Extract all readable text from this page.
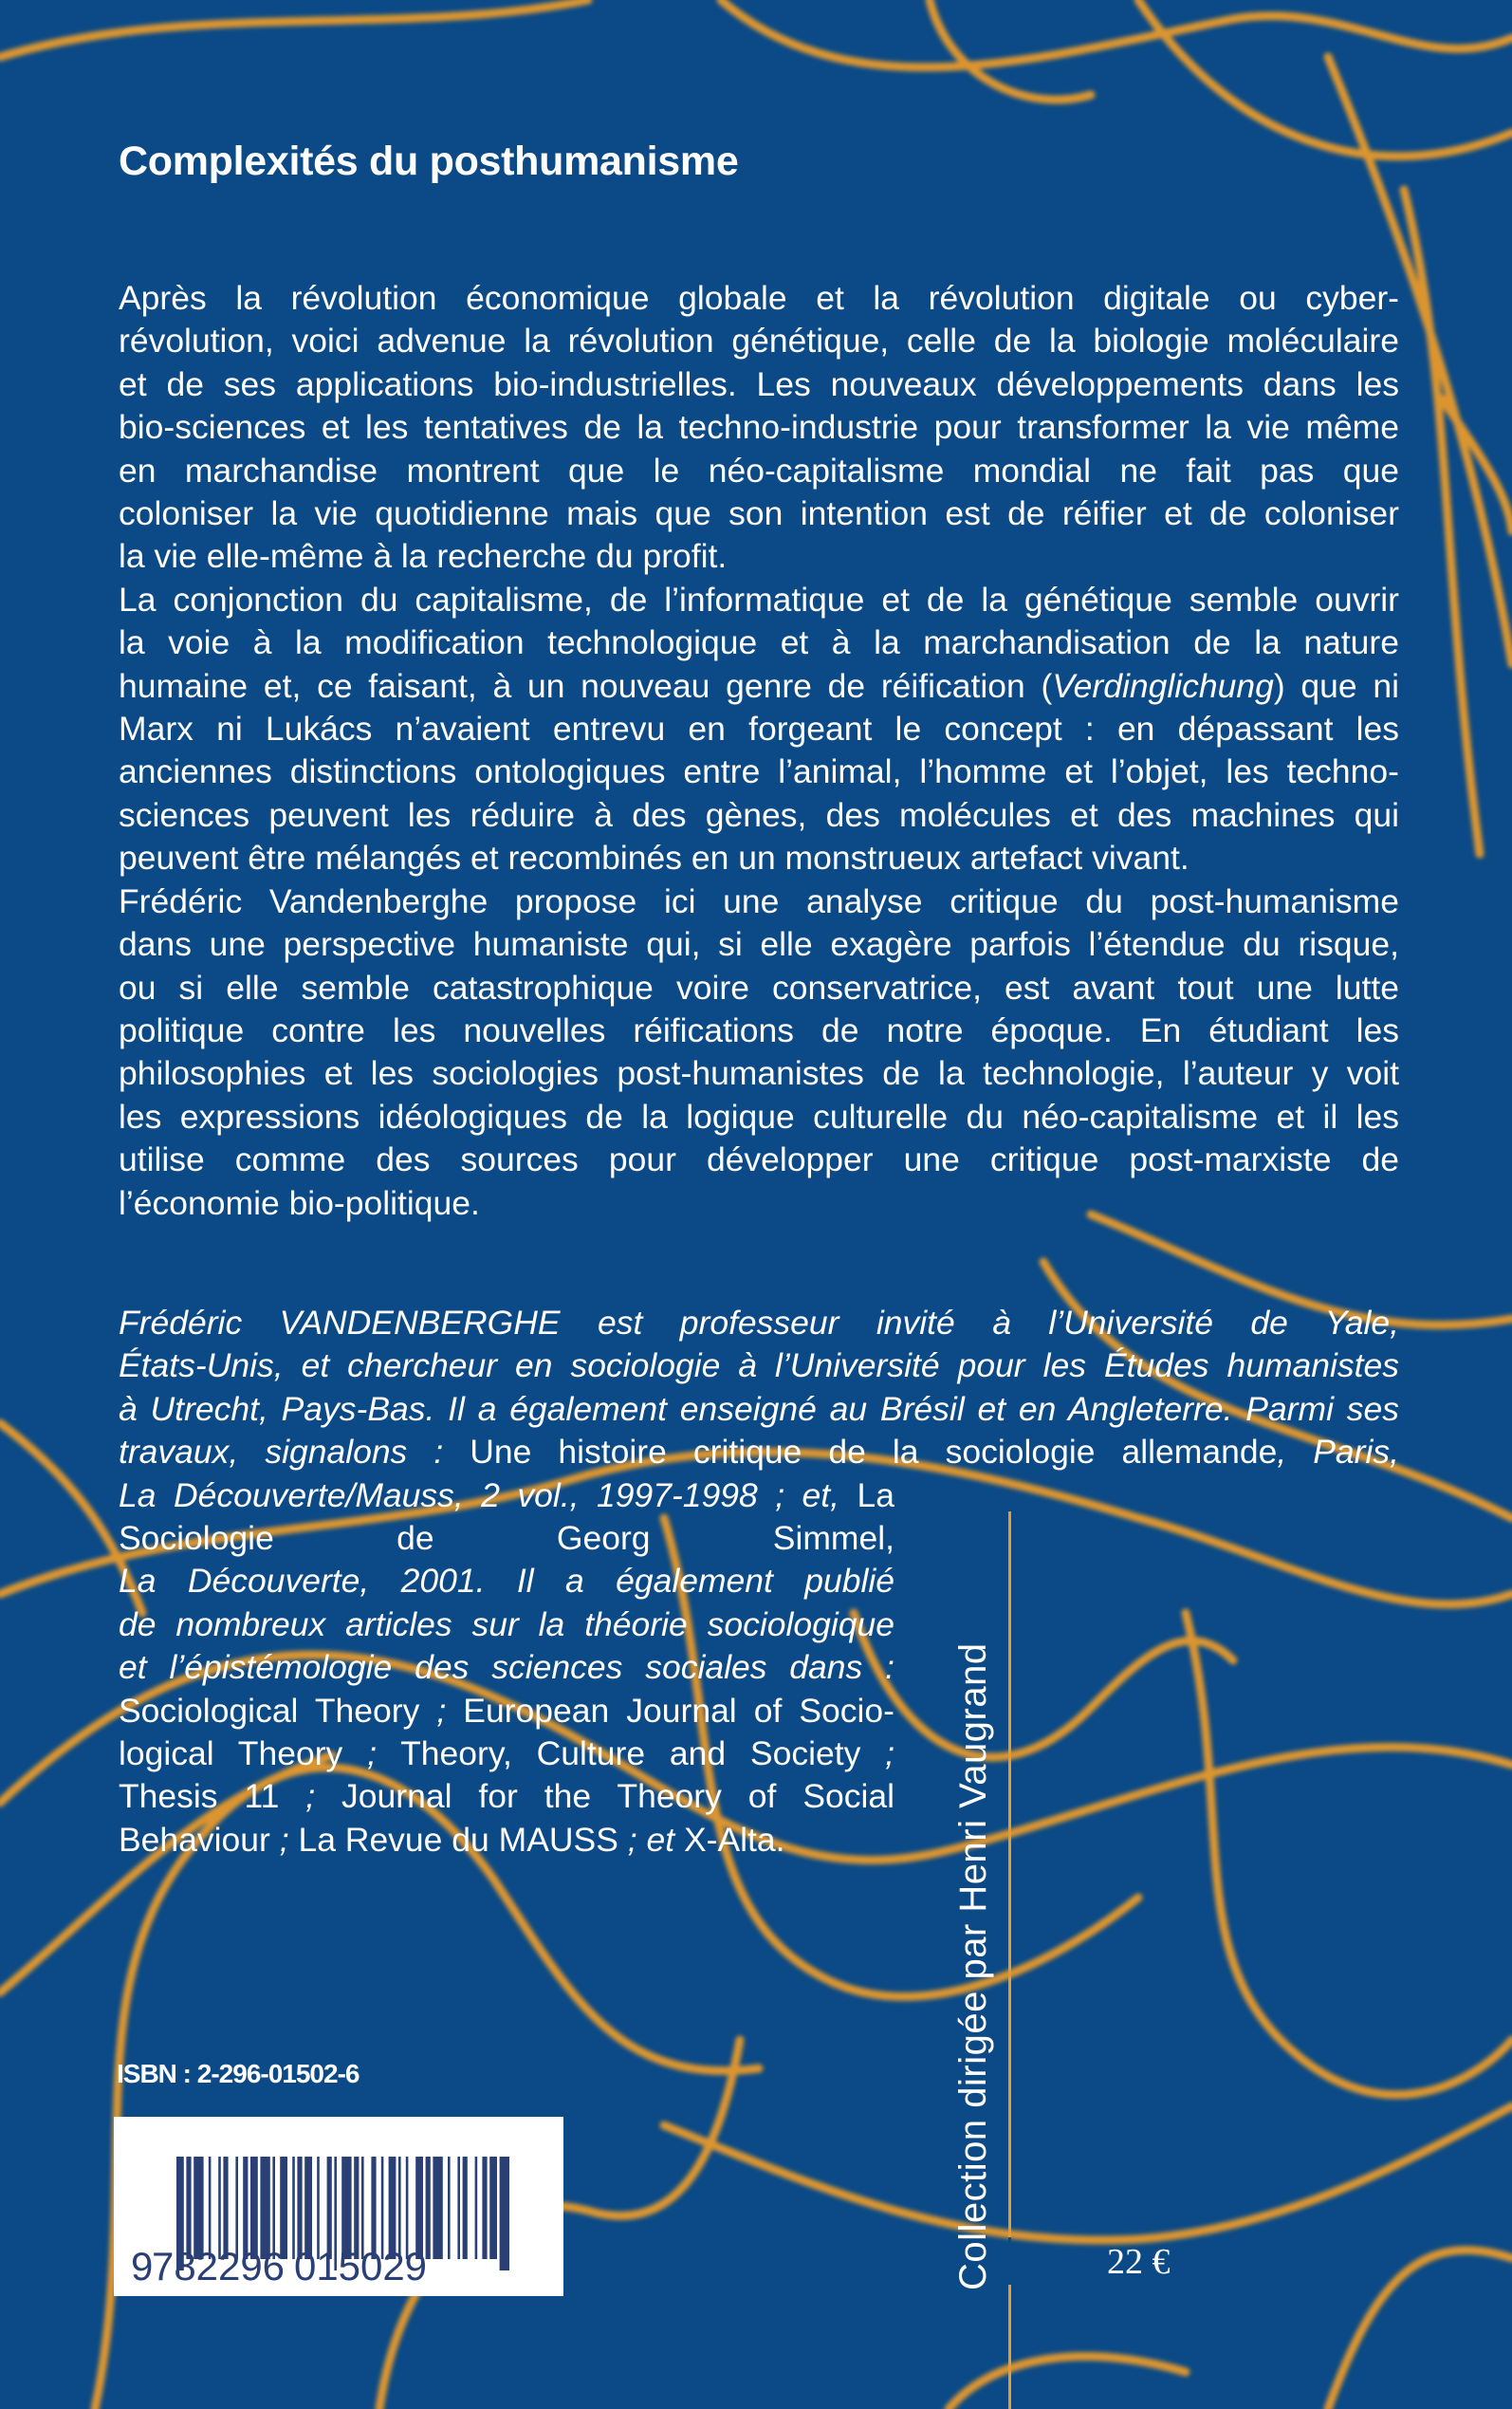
Complexités du posthumanisme
Après la révolution économique globale et la révolution digitale ou cyber-
révolution, voici advenue la révolution génétique, celle de la biologie moléculaire
et de ses applications bio-industrielles. Les nouveaux développements dans les
bio-sciences et les tentatives de la techno-industrie pour transformer la vie même
en marchandise montrent que le néo-capitalisme mondial ne fait pas que
coloniser la vie quotidienne mais que son intention est de réifier et de coloniser
la vie elle-même à la recherche du profit.
La conjonction du capitalisme, de l’informatique et de la génétique semble ouvrir
la voie à la modification technologique et à la marchandisation de la nature
humaine et, ce faisant, à un nouveau genre de réification (Verdinglichung) que ni
Marx ni Lukács n’avaient entrevu en forgeant le concept : en dépassant les
anciennes distinctions ontologiques entre l’animal, l’homme et l’objet, les techno-
sciences peuvent les réduire à des gènes, des molécules et des machines qui
peuvent être mélangés et recombinés en un monstrueux artefact vivant.
Frédéric Vandenberghe propose ici une analyse critique du post-humanisme
dans une perspective humaniste qui, si elle exagère parfois l’étendue du risque,
ou si elle semble catastrophique voire conservatrice, est avant tout une lutte
politique contre les nouvelles réifications de notre époque. En étudiant les
philosophies et les sociologies post-humanistes de la technologie, l’auteur y voit
les expressions idéologiques de la logique culturelle du néo-capitalisme et il les
utilise comme des sources pour développer une critique post-marxiste de
l’économie bio-politique.
Frédéric VANDENBERGHE est professeur invité à l’Université de Yale,
États-Unis, et chercheur en sociologie à l’Université pour les Études humanistes
à Utrecht, Pays-Bas. Il a également enseigné au Brésil et en Angleterre. Parmi ses
travaux, signalons : Une histoire critique de la sociologie allemande, Paris,
La Découverte/Mauss, 2 vol., 1997-1998 ; et, La
Sociologie de Georg Simmel,
La Découverte, 2001. Il a également publié
de nombreux articles sur la théorie sociologique
et l’épistémologie des sciences sociales dans :
Sociological Theory ; European Journal of Socio-
logical Theory ; Theory, Culture and Society ;
Thesis 11 ; Journal for the Theory of Social
Behaviour ; La Revue du MAUSS ; et X-Alta.	Collection dirigée par Henri Vaugrand
ISBN : 2-296-01502-6
9
782296 015029	22 €
